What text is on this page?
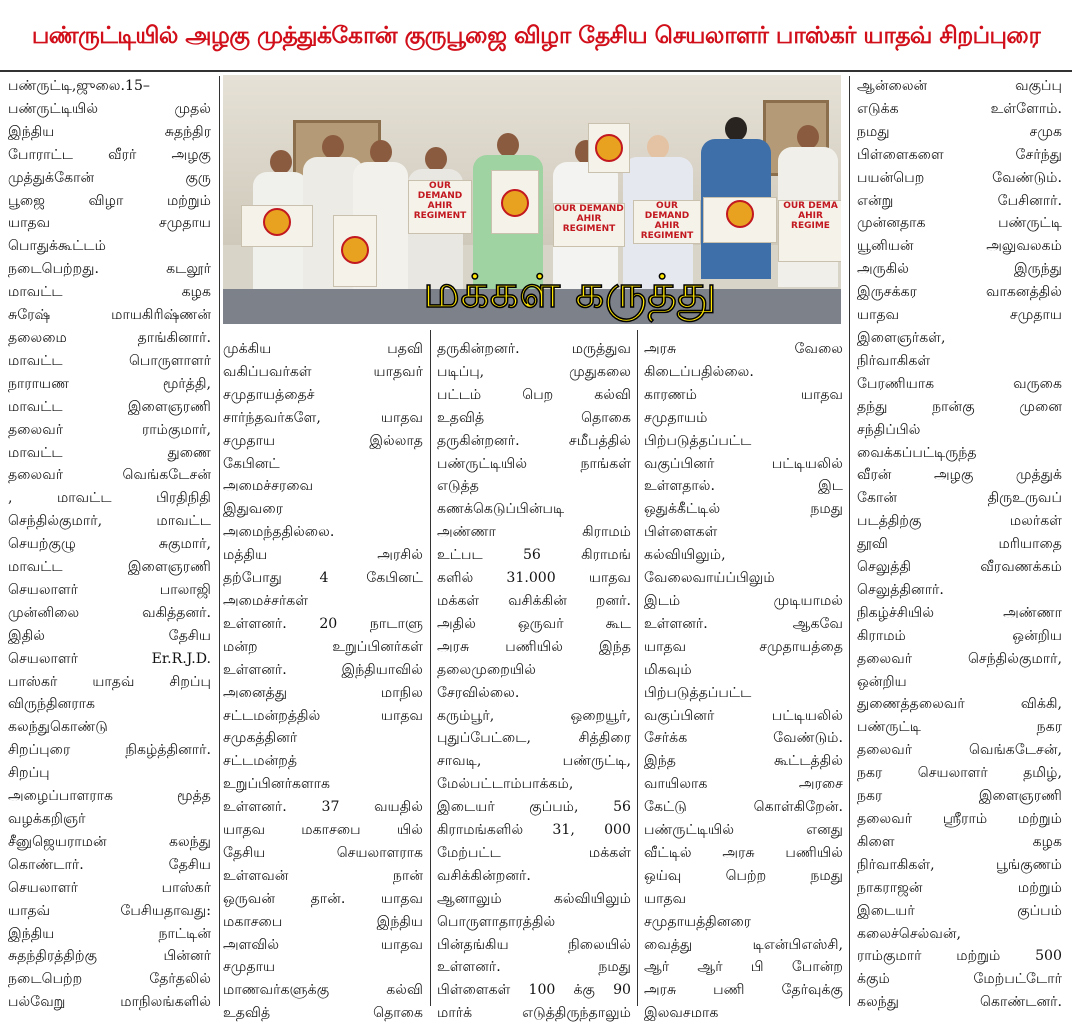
பண்ருட்டியில் அழகு முத்துக்கோன் குருபூஜை விழா தேசிய செயலாளர் பாஸ்கர் யாதவ் சிறப்புரை
OUR DEMAND AHIR REGIMENT
OUR DEMAND AHIR REGIMENT
OUR DEMAND AHIR REGIMENT
OUR DEMA AHIR REGIME
மக்கள் கருத்து
பண்ருட்டி,ஜுலை.15–
பண்ருட்டியில் முதல்
இந்திய சுதந்திர
போராட்ட வீரர் அழகு
முத்துக்கோன் குரு
பூஜை விழா மற்றும்
யாதவ சமுதாய
பொதுக்கூட்டம்
நடைபெற்றது. கடலூர்
மாவட்ட கழக
சுரேஷ் மாயகிரிஷ்ணன்
தலைமை தாங்கினார்.
மாவட்ட பொருளாளர்
நாராயண மூர்த்தி,
மாவட்ட இளைஞரணி
தலைவர் ராம்குமார்,
மாவட்ட துணை
தலைவர் வெங்கடேசன்
, மாவட்ட பிரதிநிதி
செந்தில்குமார், மாவட்ட
செயற்குழு சுகுமார்,
மாவட்ட இளைஞரணி
செயலாளர் பாலாஜி
முன்னிலை வகித்தனர்.
இதில் தேசிய
செயலாளர் Er.R.J.D.
பாஸ்கர் யாதவ் சிறப்பு
விருந்தினராக
கலந்துகொண்டு
சிறப்புரை நிகழ்த்தினார்.
சிறப்பு
அழைப்பாளராக மூத்த
வழக்கறிஞர்
சீனுஜெயராமன் கலந்து
கொண்டார். தேசிய
செயலாளர் பாஸ்கர்
யாதவ் பேசியதாவது:
இந்திய நாட்டின்
சுதந்திரத்திற்கு பின்னர்
நடைபெற்ற தேர்தலில்
பல்வேறு மாநிலங்களில்
முக்கிய பதவி
வகிப்பவர்கள் யாதவர்
சமுதாயத்தைச்
சார்ந்தவர்களே, யாதவ
சமுதாய இல்லாத
கேபினட்
அமைச்சரவை
இதுவரை
அமைந்ததில்லை.
மத்திய அரசில்
தற்போது 4 கேபினட்
அமைச்சர்கள்
உள்ளனர். 20 நாடாளு
மன்ற உறுப்பினர்கள்
உள்ளனர். இந்தியாவில்
அனைத்து மாநில
சட்டமன்றத்தில் யாதவ
சமுகத்தினர்
சட்டமன்றத்
உறுப்பினர்களாக
உள்ளனர். 37 வயதில்
யாதவ மகாசபை யில்
தேசிய செயலாளராக
உள்ளவன் நான்
ஒருவன் தான். யாதவ
மகாசபை இந்திய
அளவில் யாதவ
சமுதாய
மாணவர்களுக்கு கல்வி
உதவித் தொகை
தருகின்றனர். மருத்துவ
படிப்பு, முதுகலை
பட்டம் பெற கல்வி
உதவித் தொகை
தருகின்றனர். சமீபத்தில்
பண்ருட்டியில் நாங்கள்
எடுத்த
கணக்கெடுப்பின்படி
அண்ணா கிராமம்
உட்பட 56 கிராமங்
களில் 31.000 யாதவ
மக்கள் வசிக்கின் றனர்.
அதில் ஒருவர் கூட
அரசு பணியில் இந்த
தலைமுறையில்
சேரவில்லை.
கரும்பூர், ஒறையூர்,
புதுப்பேட்டை, சித்திரை
சாவடி, பண்ருட்டி,
மேல்பட்டாம்பாக்கம்,
இடையர் குப்பம், 56
கிராமங்களில் 31, 000
மேற்பட்ட மக்கள்
வசிக்கின்றனர்.
ஆனாலும் கல்வியிலும்
பொருளாதாரத்தில்
பின்தங்கிய நிலையில்
உள்ளனர். நமது
பிள்ளைகள் 100 க்கு 90
மார்க் எடுத்திருந்தாலும்
அரசு வேலை
கிடைப்பதில்லை.
காரணம் யாதவ
சமுதாயம்
பிற்படுத்தப்பட்ட
வகுப்பினர் பட்டியலில்
உள்ளதால். இட
ஒதுக்கீட்டில் நமது
பிள்ளைகள்
கல்வியிலும்,
வேலைவாய்ப்பிலும்
இடம் முடியாமல்
உள்ளனர். ஆகவே
யாதவ சமுதாயத்தை
மிகவும்
பிற்படுத்தப்பட்ட
வகுப்பினர் பட்டியலில்
சேர்க்க வேண்டும்.
இந்த கூட்டத்தில்
வாயிலாக அரசை
கேட்டு கொள்கிறேன்.
பண்ருட்டியில் எனது
வீட்டில் அரசு பணியில்
ஒய்வு பெற்ற நமது
யாதவ
சமுதாயத்தினரை
வைத்து டிஎன்பிஎஸ்சி,
ஆர் ஆர் பி போன்ற
அரசு பணி தேர்வுக்கு
இலவசமாக
ஆன்லைன் வகுப்பு
எடுக்க உள்ளோம்.
நமது சமுக
பிள்ளைகளை சேர்ந்து
பயன்பெற வேண்டும்.
என்று பேசினார்.
முன்னதாக பண்ருட்டி
யூனியன் அலுவலகம்
அருகில் இருந்து
இருசக்கர வாகனத்தில்
யாதவ சமுதாய
இளைஞர்கள்,
நிர்வாகிகள்
பேரணியாக வருகை
தந்து நான்கு முனை
சந்திப்பில்
வைக்கப்பட்டிருந்த
வீரன் அழகு முத்துக்
கோன் திருஉருவப்
படத்திற்கு மலர்கள்
தூவி மரியாதை
செலுத்தி வீரவணக்கம்
செலுத்தினார்.
நிகழ்ச்சியில் அண்ணா
கிராமம் ஒன்றிய
தலைவர் செந்தில்குமார்,
ஒன்றிய
துணைத்தலைவர் விக்கி,
பண்ருட்டி நகர
தலைவர் வெங்கடேசன்,
நகர செயலாளர் தமிழ்,
நகர இளைஞரணி
தலைவர் ஸ்ரீராம் மற்றும்
கிளை கழக
நிர்வாகிகள், பூங்குணம்
நாகராஜன் மற்றும்
இடையர் குப்பம்
கலைச்செல்வன்,
ராம்குமார் மற்றும் 500
க்கும் மேற்பட்டோர்
கலந்து கொண்டனர்.
